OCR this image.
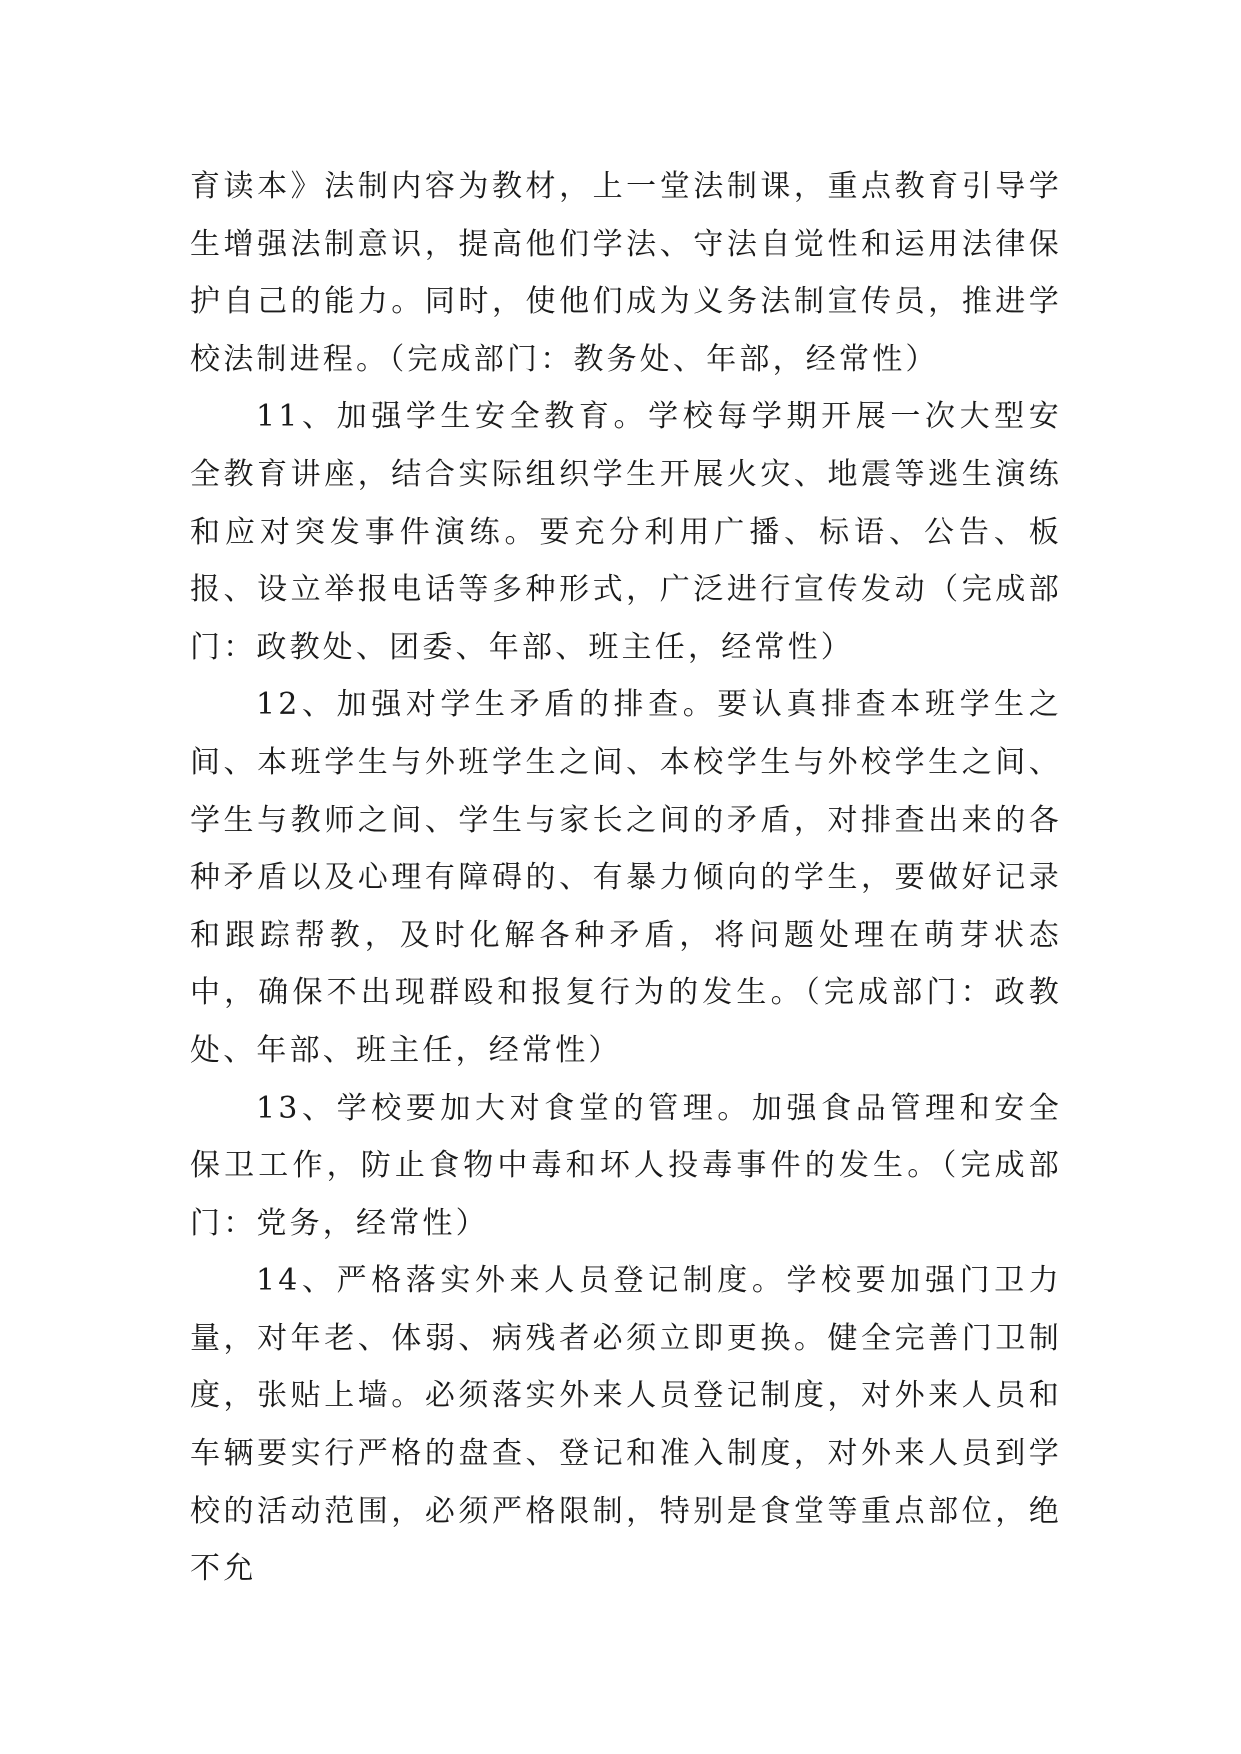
育读本》法制内容为教材，上一堂法制课，重点教育引导学生增强法制意识，提高他们学法、守法自觉性和运用法律保护自己的能力。同时，使他们成为义务法制宣传员，推进学校法制进程。（完成部门：教务处、年部，经常性）

11、加强学生安全教育。学校每学期开展一次大型安全教育讲座，结合实际组织学生开展火灾、地震等逃生演练和应对突发事件演练。要充分利用广播、标语、公告、板报、设立举报电话等多种形式，广泛进行宣传发动（完成部门：政教处、团委、年部、班主任，经常性）

12、加强对学生矛盾的排查。要认真排查本班学生之间、本班学生与外班学生之间、本校学生与外校学生之间、学生与教师之间、学生与家长之间的矛盾，对排查出来的各种矛盾以及心理有障碍的、有暴力倾向的学生，要做好记录和跟踪帮教，及时化解各种矛盾，将问题处理在萌芽状态中，确保不出现群殴和报复行为的发生。（完成部门：政教处、年部、班主任，经常性）

13、学校要加大对食堂的管理。加强食品管理和安全保卫工作，防止食物中毒和坏人投毒事件的发生。（完成部门：党务，经常性）

14、严格落实外来人员登记制度。学校要加强门卫力量，对年老、体弱、病残者必须立即更换。健全完善门卫制度，张贴上墙。必须落实外来人员登记制度，对外来人员和车辆要实行严格的盘查、登记和准入制度，对外来人员到学校的活动范围，必须严格限制，特别是食堂等重点部位，绝不允
